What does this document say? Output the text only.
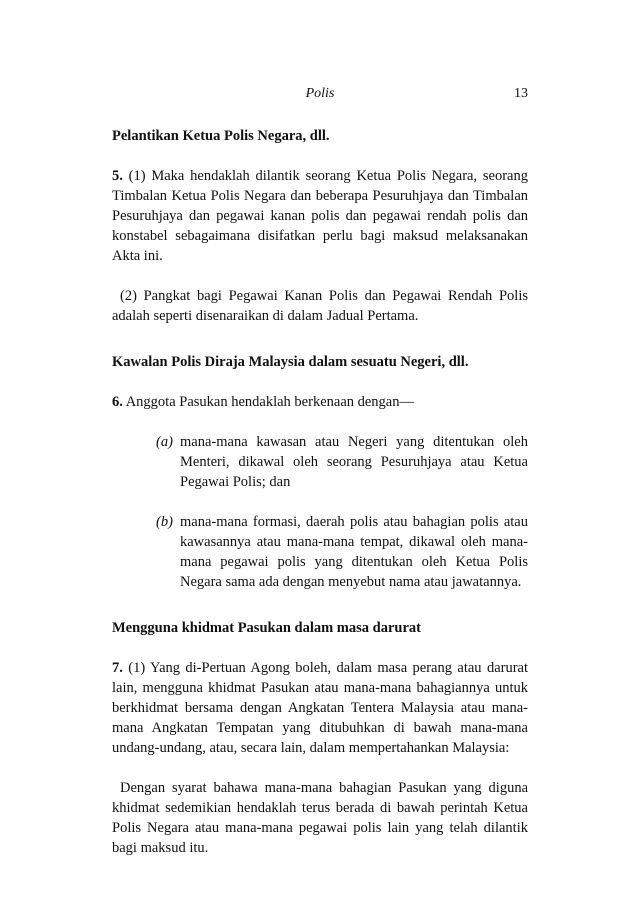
Polis	13
Pelantikan Ketua Polis Negara, dll.

5. (1) Maka hendaklah dilantik seorang Ketua Polis Negara, seorang Timbalan Ketua Polis Negara dan beberapa Pesuruhjaya dan Timbalan Pesuruhjaya dan pegawai kanan polis dan pegawai rendah polis dan konstabel sebagaimana disifatkan perlu bagi maksud melaksanakan Akta ini.

(2) Pangkat bagi Pegawai Kanan Polis dan Pegawai Rendah Polis adalah seperti disenaraikan di dalam Jadual Pertama.

Kawalan Polis Diraja Malaysia dalam sesuatu Negeri, dll.

6. Anggota Pasukan hendaklah berkenaan dengan—

(a) mana-mana kawasan atau Negeri yang ditentukan oleh Menteri, dikawal oleh seorang Pesuruhjaya atau Ketua Pegawai Polis; dan
(b) mana-mana formasi, daerah polis atau bahagian polis atau kawasannya atau mana-mana tempat, dikawal oleh mana-mana pegawai polis yang ditentukan oleh Ketua Polis Negara sama ada dengan menyebut nama atau jawatannya.
Mengguna khidmat Pasukan dalam masa darurat

7. (1) Yang di-Pertuan Agong boleh, dalam masa perang atau darurat lain, mengguna khidmat Pasukan atau mana-mana bahagiannya untuk berkhidmat bersama dengan Angkatan Tentera Malaysia atau mana-mana Angkatan Tempatan yang ditubuhkan di bawah mana-mana undang-undang, atau, secara lain, dalam mempertahankan Malaysia:

Dengan syarat bahawa mana-mana bahagian Pasukan yang diguna khidmat sedemikian hendaklah terus berada di bawah perintah Ketua Polis Negara atau mana-mana pegawai polis lain yang telah dilantik bagi maksud itu.
